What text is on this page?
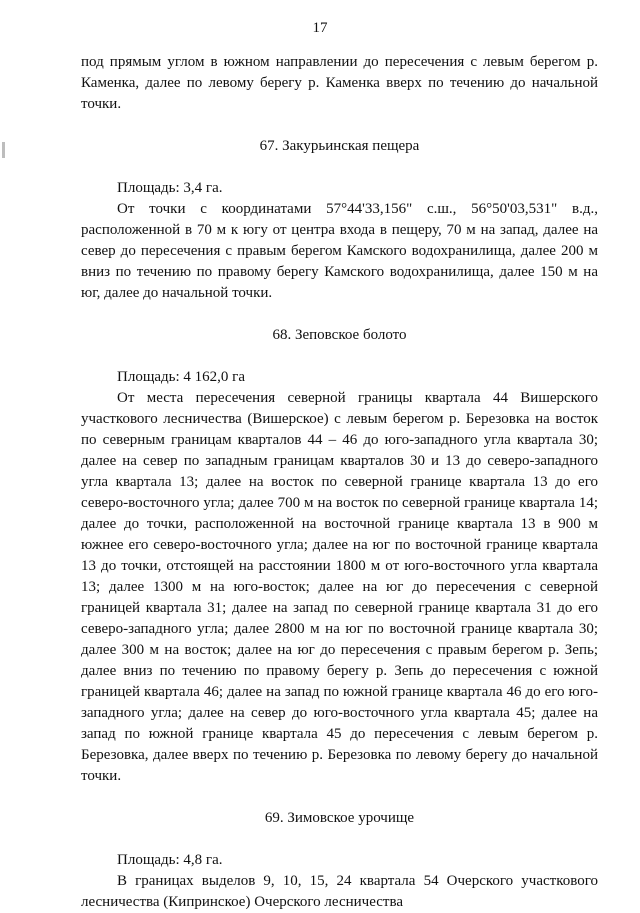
17

под прямым углом в южном направлении до пересечения с левым берегом р. Каменка, далее по левому берегу р. Каменка вверх по течению до начальной точки.

67. Закурьинская пещера

Площадь: 3,4 га.

От точки с координатами 57°44'33,156" с.ш., 56°50'03,531" в.д., расположенной в 70 м к югу от центра входа в пещеру, 70 м на запад, далее на север до пересечения с правым берегом Камского водохранилища, далее 200 м вниз по течению по правому берегу Камского водохранилища, далее 150 м на юг, далее до начальной точки.

68. Зеповское болото

Площадь: 4 162,0 га

От места пересечения северной границы квартала 44 Вишерского участкового лесничества (Вишерское) с левым берегом р. Березовка на восток по северным границам кварталов 44 – 46 до юго-западного угла квартала 30; далее на север по западным границам кварталов 30 и 13 до северо-западного угла квартала 13; далее на восток по северной границе квартала 13 до его северо-восточного угла; далее 700 м на восток по северной границе квартала 14; далее до точки, расположенной на восточной границе квартала 13 в 900 м южнее его северо-восточного угла; далее на юг по восточной границе квартала 13 до точки, отстоящей на расстоянии 1800 м от юго-восточного угла квартала 13; далее 1300 м на юго-восток; далее на юг до пересечения с северной границей квартала 31; далее на запад по северной границе квартала 31 до его северо-западного угла; далее 2800 м на юг по восточной границе квартала 30; далее 300 м на восток; далее на юг до пересечения с правым берегом р. Зепь; далее вниз по течению по правому берегу р. Зепь до пересечения с южной границей квартала 46; далее на запад по южной границе квартала 46 до его юго-западного угла; далее на север до юго-восточного угла квартала 45; далее на запад по южной границе квартала 45 до пересечения с левым берегом р. Березовка, далее вверх по течению р. Березовка по левому берегу до начальной точки.

69. Зимовское урочище

Площадь: 4,8 га.

В границах выделов 9, 10, 15, 24 квартала 54 Очерского участкового лесничества (Кипринское) Очерского лесничества
